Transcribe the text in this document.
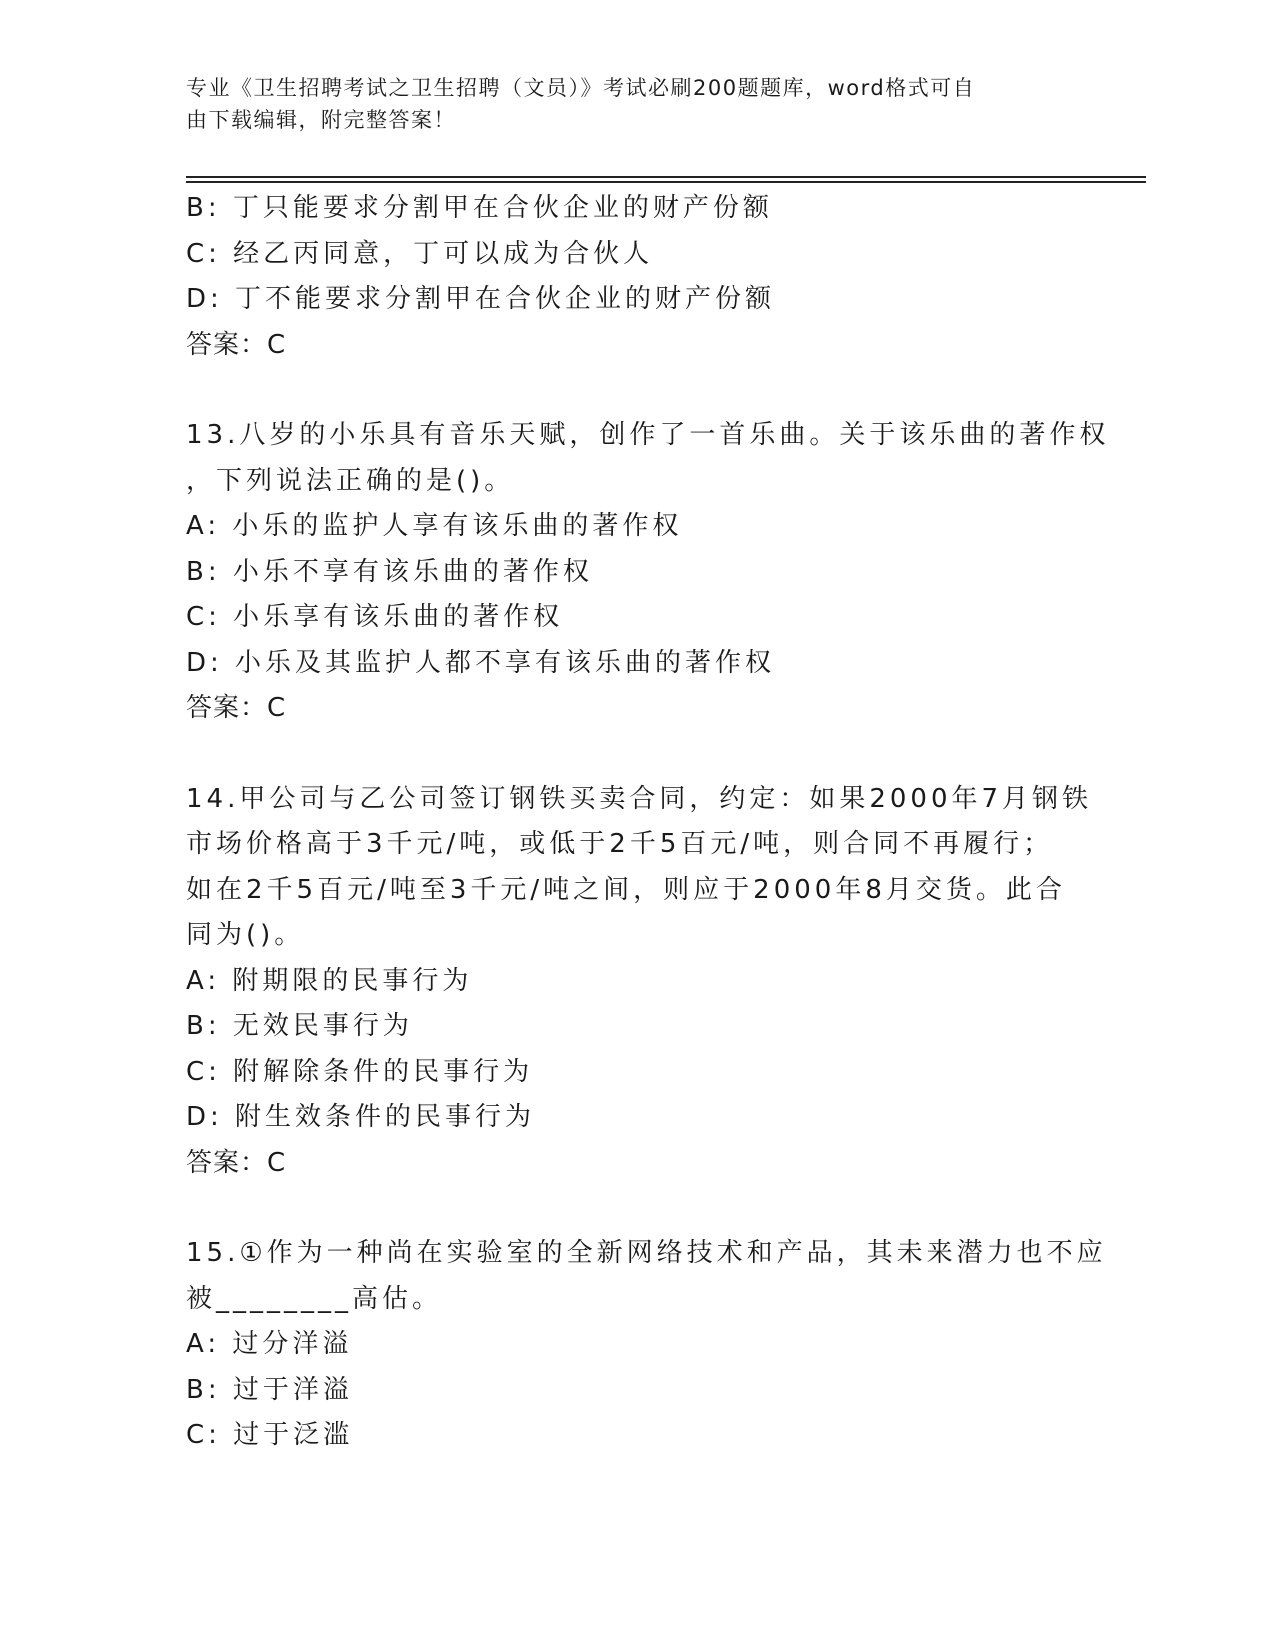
专业《卫生招聘考试之卫生招聘（文员）》考试必刷200题题库，word格式可自
由下载编辑，附完整答案！
B: 丁只能要求分割甲在合伙企业的财产份额
C: 经乙丙同意，丁可以成为合伙人
D: 丁不能要求分割甲在合伙企业的财产份额
答案：C
13.八岁的小乐具有音乐天赋，创作了一首乐曲。关于该乐曲的著作权
，下列说法正确的是()。
A: 小乐的监护人享有该乐曲的著作权
B: 小乐不享有该乐曲的著作权
C: 小乐享有该乐曲的著作权
D: 小乐及其监护人都不享有该乐曲的著作权
答案：C
14.甲公司与乙公司签订钢铁买卖合同，约定：如果2000年7月钢铁
市场价格高于3千元/吨，或低于2千5百元/吨，则合同不再履行；
如在2千5百元/吨至3千元/吨之间，则应于2000年8月交货。此合
同为()。
A: 附期限的民事行为
B: 无效民事行为
C: 附解除条件的民事行为
D: 附生效条件的民事行为
答案：C
15.①作为一种尚在实验室的全新网络技术和产品，其未来潜力也不应
被________高估。
A: 过分洋溢
B: 过于洋溢
C: 过于泛滥
